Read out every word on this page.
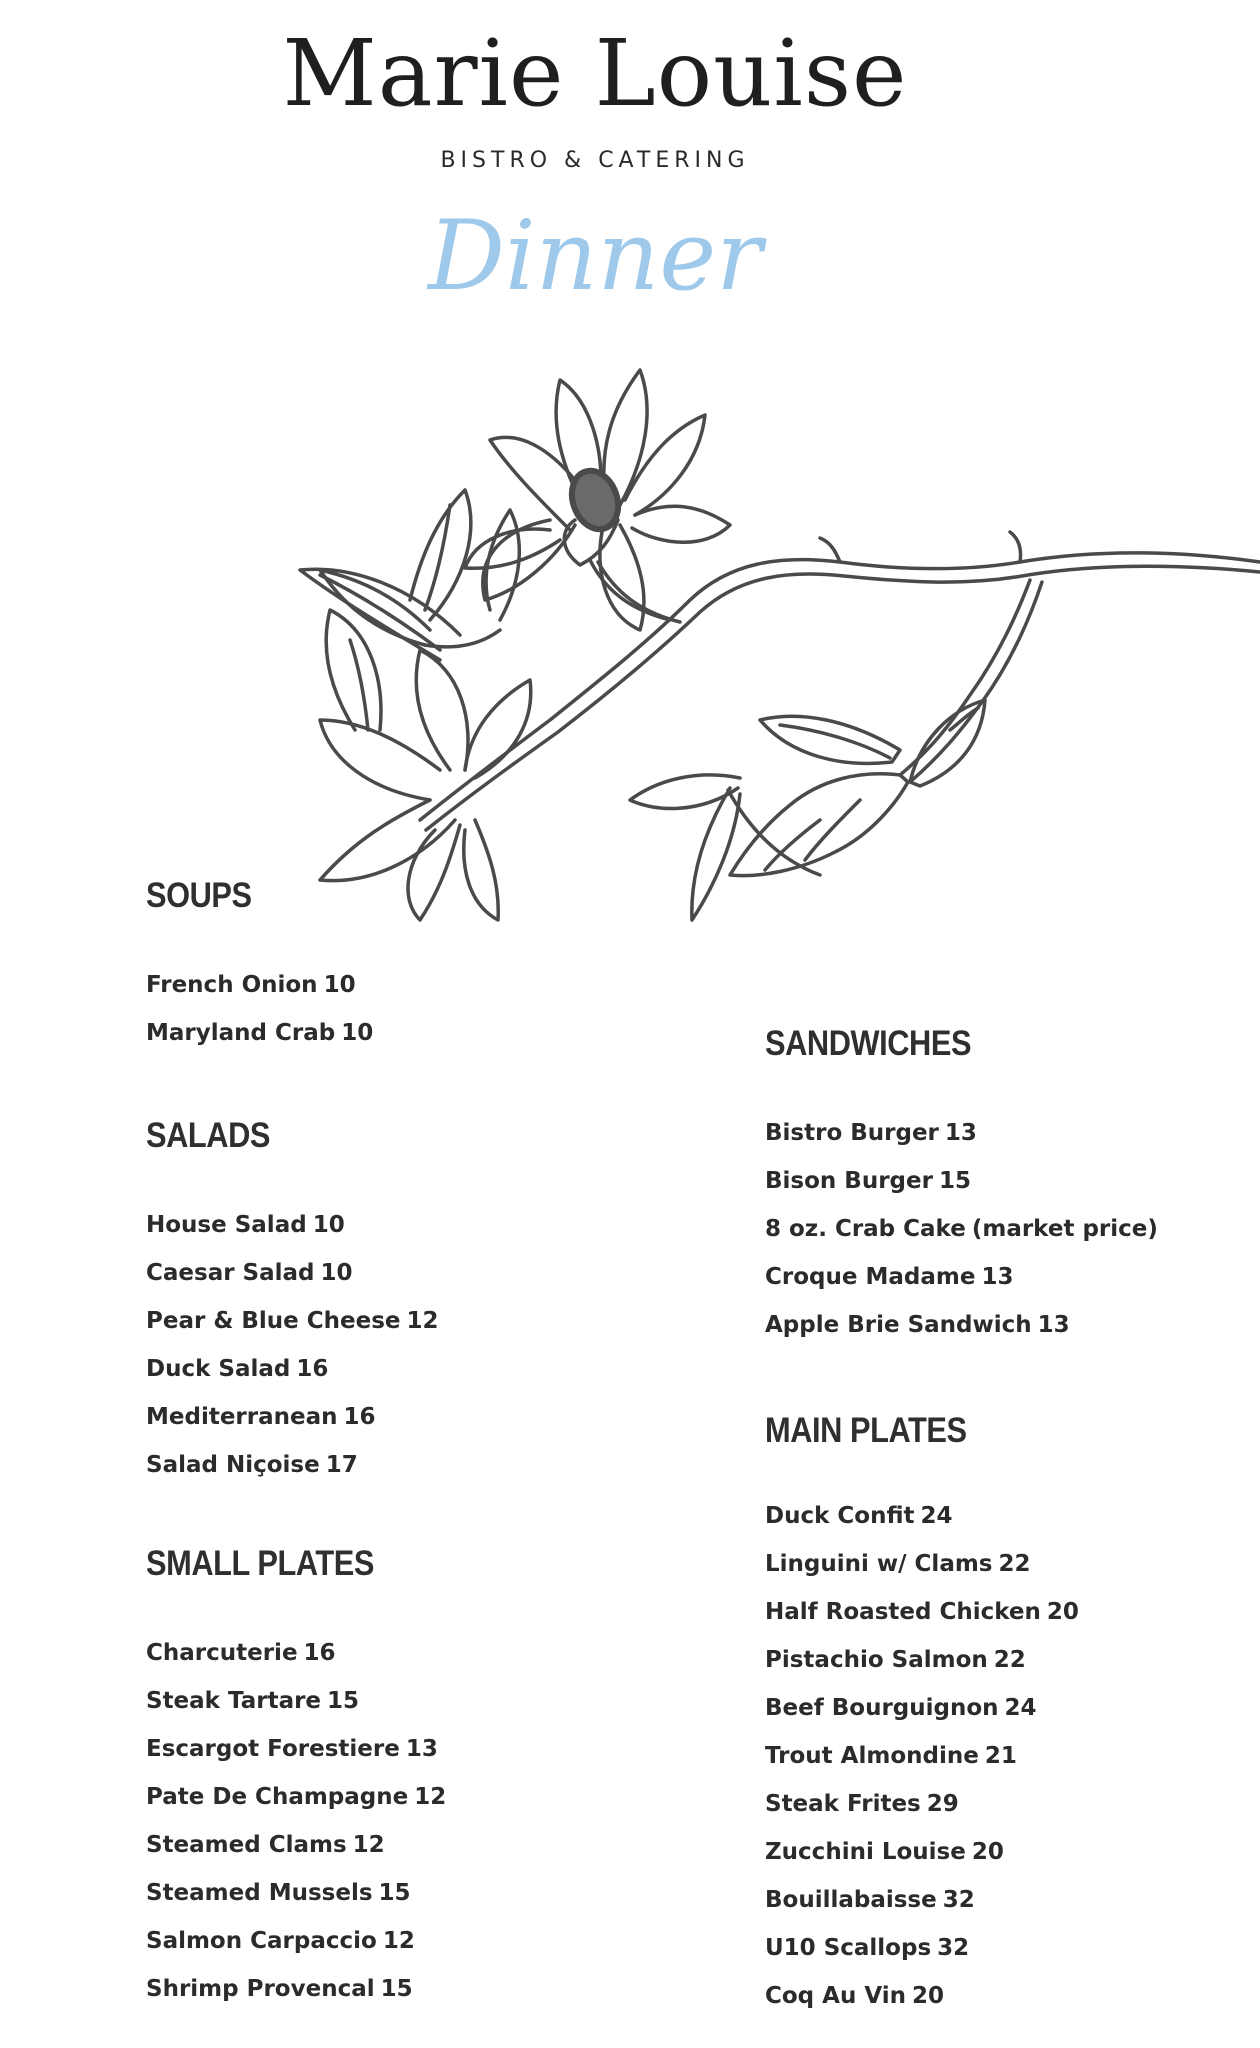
Marie Louise
BISTRO & CATERING
Dinner
SOUPS
French Onion 10
Maryland Crab 10
SALADS
House Salad 10
Caesar Salad 10
Pear & Blue Cheese 12
Duck Salad 16
Mediterranean 16
Salad Niçoise 17
SMALL PLATES
Charcuterie 16
Steak Tartare 15
Escargot Forestiere 13
Pate De Champagne 12
Steamed Clams 12
Steamed Mussels 15
Salmon Carpaccio 12
Shrimp Provencal 15
SANDWICHES
Bistro Burger 13
Bison Burger 15
8 oz. Crab Cake (market price)
Croque Madame 13
Apple Brie Sandwich 13
MAIN PLATES
Duck Confit 24
Linguini w/ Clams 22
Half Roasted Chicken 20
Pistachio Salmon 22
Beef Bourguignon 24
Trout Almondine 21
Steak Frites 29
Zucchini Louise 20
Bouillabaisse 32
U10 Scallops 32
Coq Au Vin 20
